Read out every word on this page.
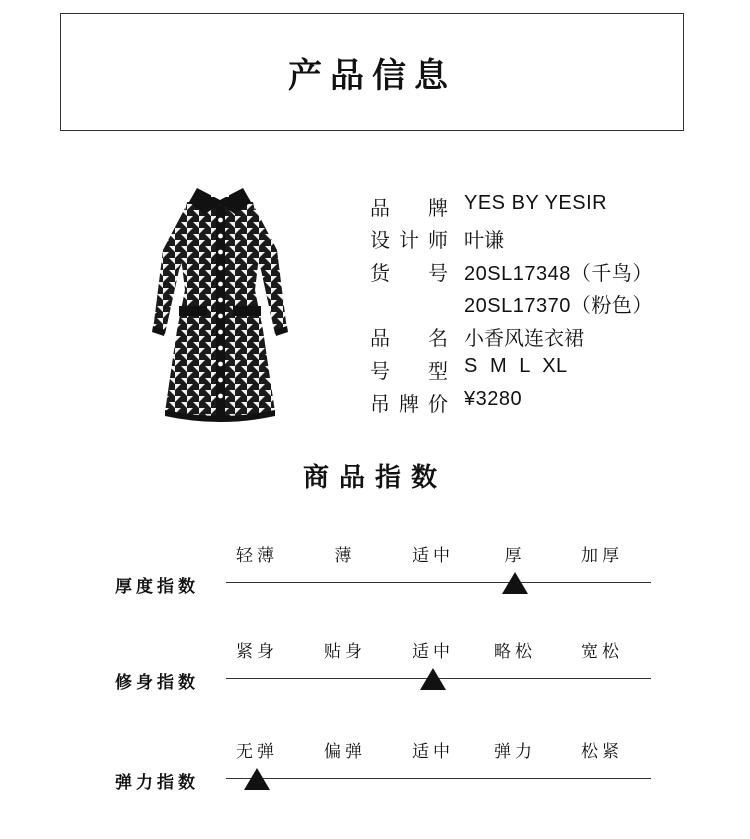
产品信息
品 牌 YES BY YESIR
设 计 师 叶谦
货 号 20SL17348（千鸟）
20SL17370（粉色）
品 名 小香风连衣裙
号 型 S  M  L  XL
吊 牌 价 ¥3280
商品指数
轻薄	薄	适中	厚	加厚
厚度指数
紧身	贴身	适中	略松	宽松
修身指数
无弹	偏弹	适中	弹力	松紧
弹力指数
